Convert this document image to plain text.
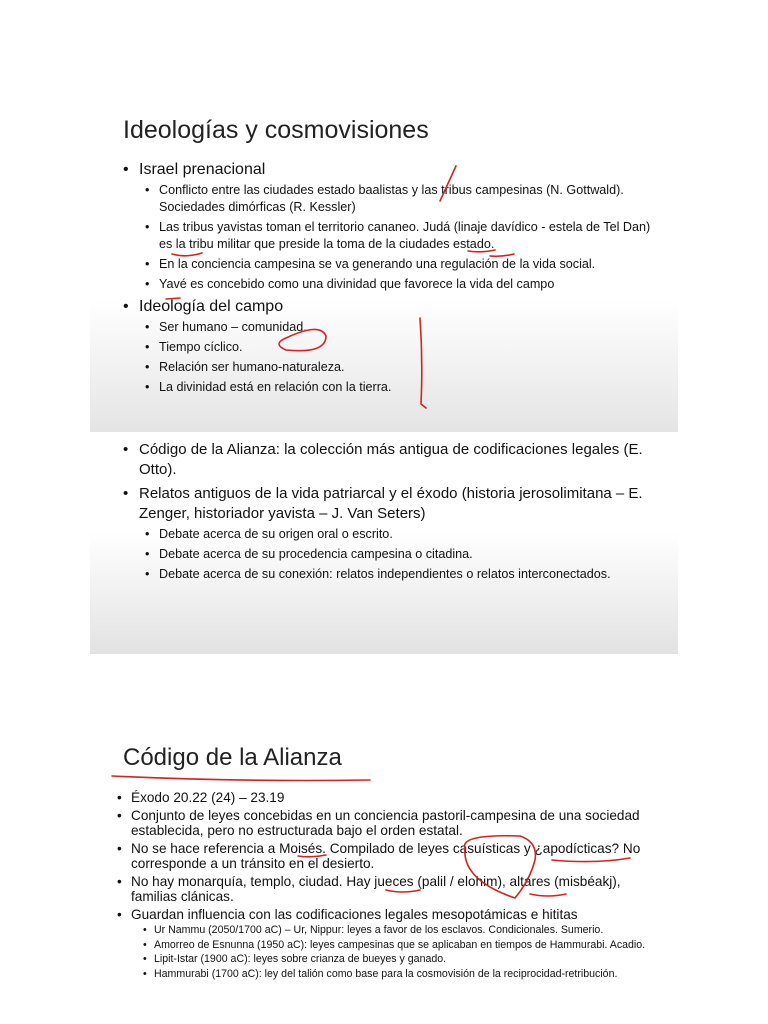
Ideologías y cosmovisiones
• Israel prenacional
• Conflicto entre las ciudades estado baalistas y las tribus campesinas (N. Gottwald). Sociedades dimórficas (R. Kessler)
• Las tribus yavistas toman el territorio cananeo. Judá (linaje davídico - estela de Tel Dan) es la tribu militar que preside la toma de la ciudades estado.
• En la conciencia campesina se va generando una regulación de la vida social.
• Yavé es concebido como una divinidad que favorece la vida del campo
• Ideología del campo
• Ser humano – comunidad.
• Tiempo cíclico.
• Relación ser humano-naturaleza.
• La divinidad está en relación con la tierra.
• Código de la Alianza: la colección más antigua de codificaciones legales (E. Otto).
• Relatos antiguos de la vida patriarcal y el éxodo (historia jerosolimitana – E. Zenger, historiador yavista – J. Van Seters)
• Debate acerca de su origen oral o escrito.
• Debate acerca de su procedencia campesina o citadina.
• Debate acerca de su conexión: relatos independientes o relatos interconectados.
Código de la Alianza
• Éxodo 20.22 (24) – 23.19
• Conjunto de leyes concebidas en un conciencia pastoril-campesina de una sociedad establecida, pero no estructurada bajo el orden estatal.
• No se hace referencia a Moisés. Compilado de leyes casuísticas y ¿apodícticas? No corresponde a un tránsito en el desierto.
• No hay monarquía, templo, ciudad. Hay jueces (palil / elohim), altares (misbéakj), familias clánicas.
• Guardan influencia con las codificaciones legales mesopotámicas e hititas
• Ur Nammu (2050/1700 aC) – Ur, Nippur: leyes a favor de los esclavos. Condicionales. Sumerio.
• Amorreo de Esnunna (1950 aC): leyes campesinas que se aplicaban en tiempos de Hammurabi. Acadio.
• Lipit-Istar (1900 aC): leyes sobre crianza de bueyes y ganado.
• Hammurabi (1700 aC): ley del talión como base para la cosmovisión de la reciprocidad-retribución.
